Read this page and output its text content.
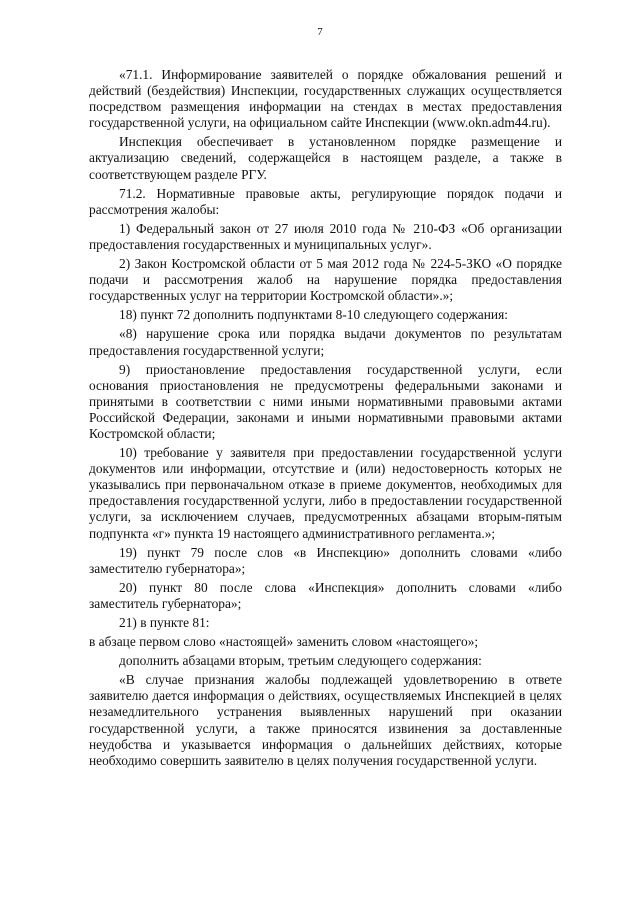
7

«71.1. Информирование заявителей о порядке обжалования решений и действий (бездействия) Инспекции, государственных служащих осуществляется посредством размещения информации на стендах в местах предоставления государственной услуги, на официальном сайте Инспекции (www.okn.adm44.ru).

Инспекция обеспечивает в установленном порядке размещение и актуализацию сведений, содержащейся в настоящем разделе, а также в соответствующем разделе РГУ.

71.2. Нормативные правовые акты, регулирующие порядок подачи и рассмотрения жалобы:

1) Федеральный закон от 27 июля 2010 года № 210-ФЗ «Об организации предоставления государственных и муниципальных услуг».

2) Закон Костромской области от 5 мая 2012 года № 224-5-ЗКО «О порядке подачи и рассмотрения жалоб на нарушение порядка предоставления государственных услуг на территории Костромской области».»;

18) пункт 72 дополнить подпунктами 8-10 следующего содержания:

«8) нарушение срока или порядка выдачи документов по результатам предоставления государственной услуги;

9) приостановление предоставления государственной услуги, если основания приостановления не предусмотрены федеральными законами и принятыми в соответствии с ними иными нормативными правовыми актами Российской Федерации, законами и иными нормативными правовыми актами Костромской области;

10) требование у заявителя при предоставлении государственной услуги документов или информации, отсутствие и (или) недостоверность которых не указывались при первоначальном отказе в приеме документов, необходимых для предоставления государственной услуги, либо в предоставлении государственной услуги, за исключением случаев, предусмотренных абзацами вторым-пятым подпункта «г» пункта 19 настоящего административного регламента.»;

19) пункт 79 после слов «в Инспекцию» дополнить словами «либо заместителю губернатора»;

20) пункт 80 после слова «Инспекция» дополнить словами «либо заместитель губернатора»;

21) в пункте 81:

в абзаце первом слово «настоящей» заменить словом «настоящего»;

дополнить абзацами вторым, третьим следующего содержания:

«В случае признания жалобы подлежащей удовлетворению в ответе заявителю дается информация о действиях, осуществляемых Инспекцией в целях незамедлительного устранения выявленных нарушений при оказании государственной услуги, а также приносятся извинения за доставленные неудобства и указывается информация о дальнейших действиях, которые необходимо совершить заявителю в целях получения государственной услуги.
